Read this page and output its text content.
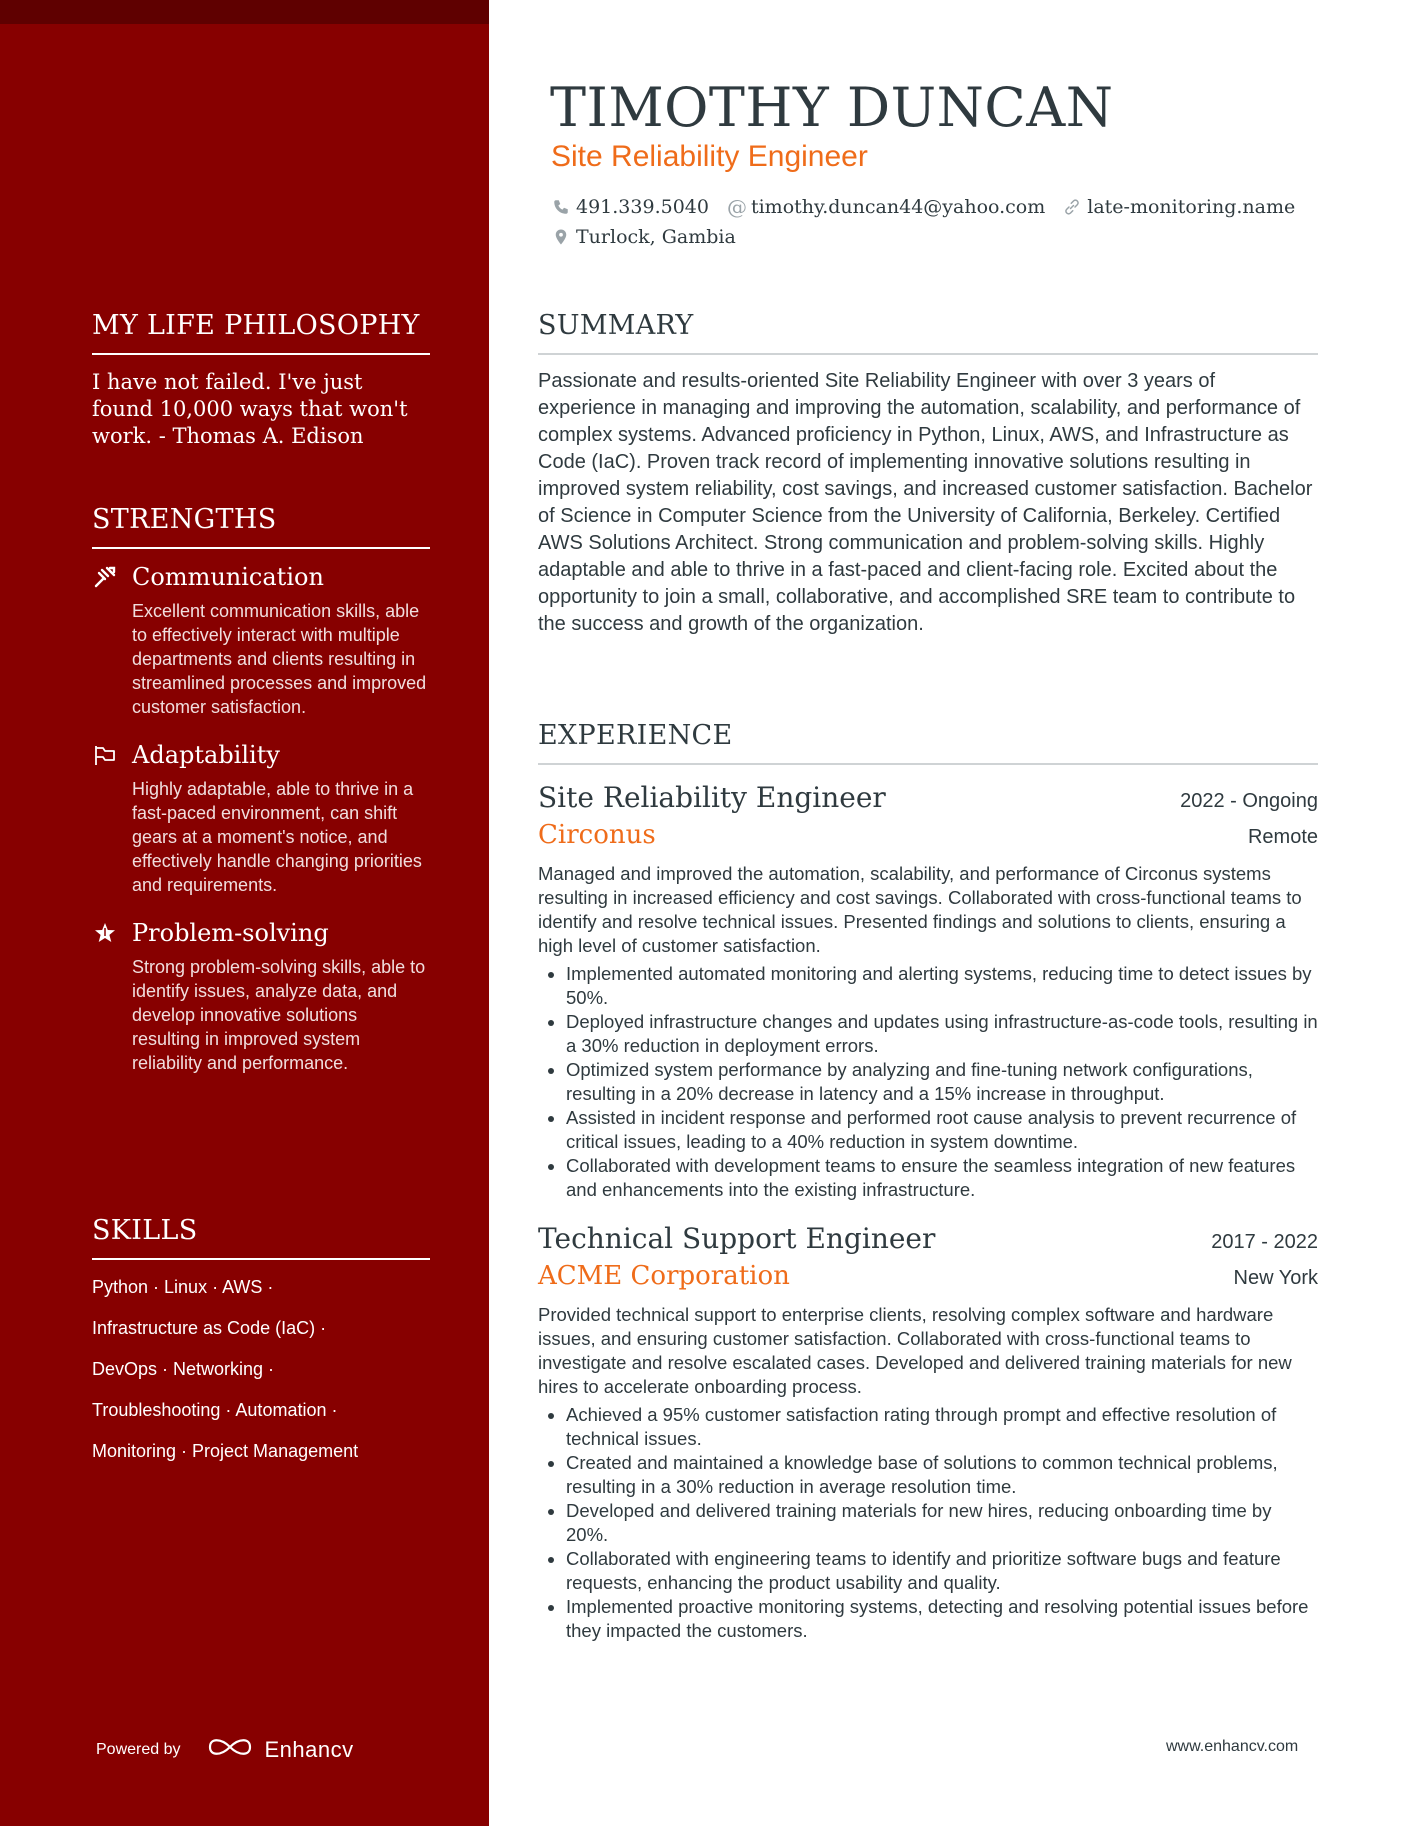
MY LIFE PHILOSOPHY
I have not failed. I've just found 10,000 ways that won't work. - Thomas A. Edison
STRENGTHS
Communication
Excellent communication skills, able to effectively interact with multiple departments and clients resulting in streamlined processes and improved customer satisfaction.
Adaptability
Highly adaptable, able to thrive in a fast-paced environment, can shift gears at a moment's notice, and effectively handle changing priorities and requirements.
Problem-solving
Strong problem-solving skills, able to identify issues, analyze data, and develop innovative solutions resulting in improved system reliability and performance.
SKILLS
Python · Linux · AWS ·
Infrastructure as Code (IaC) ·
DevOps · Networking ·
Troubleshooting · Automation ·
Monitoring · Project Management
Powered by	Enhancv
TIMOTHY DUNCAN
Site Reliability Engineer
491.339.5040 @ timothy.duncan44@yahoo.com late-monitoring.name
Turlock, Gambia
SUMMARY
Passionate and results-oriented Site Reliability Engineer with over 3 years of experience in managing and improving the automation, scalability, and performance of complex systems. Advanced proficiency in Python, Linux, AWS, and Infrastructure as Code (IaC). Proven track record of implementing innovative solutions resulting in improved system reliability, cost savings, and increased customer satisfaction. Bachelor of Science in Computer Science from the University of California, Berkeley. Certified AWS Solutions Architect. Strong communication and problem-solving skills. Highly adaptable and able to thrive in a fast-paced and client-facing role. Excited about the opportunity to join a small, collaborative, and accomplished SRE team to contribute to the success and growth of the organization.
EXPERIENCE
Site Reliability Engineer	2022 - Ongoing
Circonus	Remote
Managed and improved the automation, scalability, and performance of Circonus systems resulting in increased efficiency and cost savings. Collaborated with cross-functional teams to identify and resolve technical issues. Presented findings and solutions to clients, ensuring a high level of customer satisfaction.
• Implemented automated monitoring and alerting systems, reducing time to detect issues by 50%.
• Deployed infrastructure changes and updates using infrastructure-as-code tools, resulting in a 30% reduction in deployment errors.
• Optimized system performance by analyzing and fine-tuning network configurations, resulting in a 20% decrease in latency and a 15% increase in throughput.
• Assisted in incident response and performed root cause analysis to prevent recurrence of critical issues, leading to a 40% reduction in system downtime.
• Collaborated with development teams to ensure the seamless integration of new features and enhancements into the existing infrastructure.
Technical Support Engineer	2017 - 2022
ACME Corporation	New York
Provided technical support to enterprise clients, resolving complex software and hardware issues, and ensuring customer satisfaction. Collaborated with cross-functional teams to investigate and resolve escalated cases. Developed and delivered training materials for new hires to accelerate onboarding process.
• Achieved a 95% customer satisfaction rating through prompt and effective resolution of technical issues.
• Created and maintained a knowledge base of solutions to common technical problems, resulting in a 30% reduction in average resolution time.
• Developed and delivered training materials for new hires, reducing onboarding time by 20%.
• Collaborated with engineering teams to identify and prioritize software bugs and feature requests, enhancing the product usability and quality.
• Implemented proactive monitoring systems, detecting and resolving potential issues before they impacted the customers.
www.enhancv.com
